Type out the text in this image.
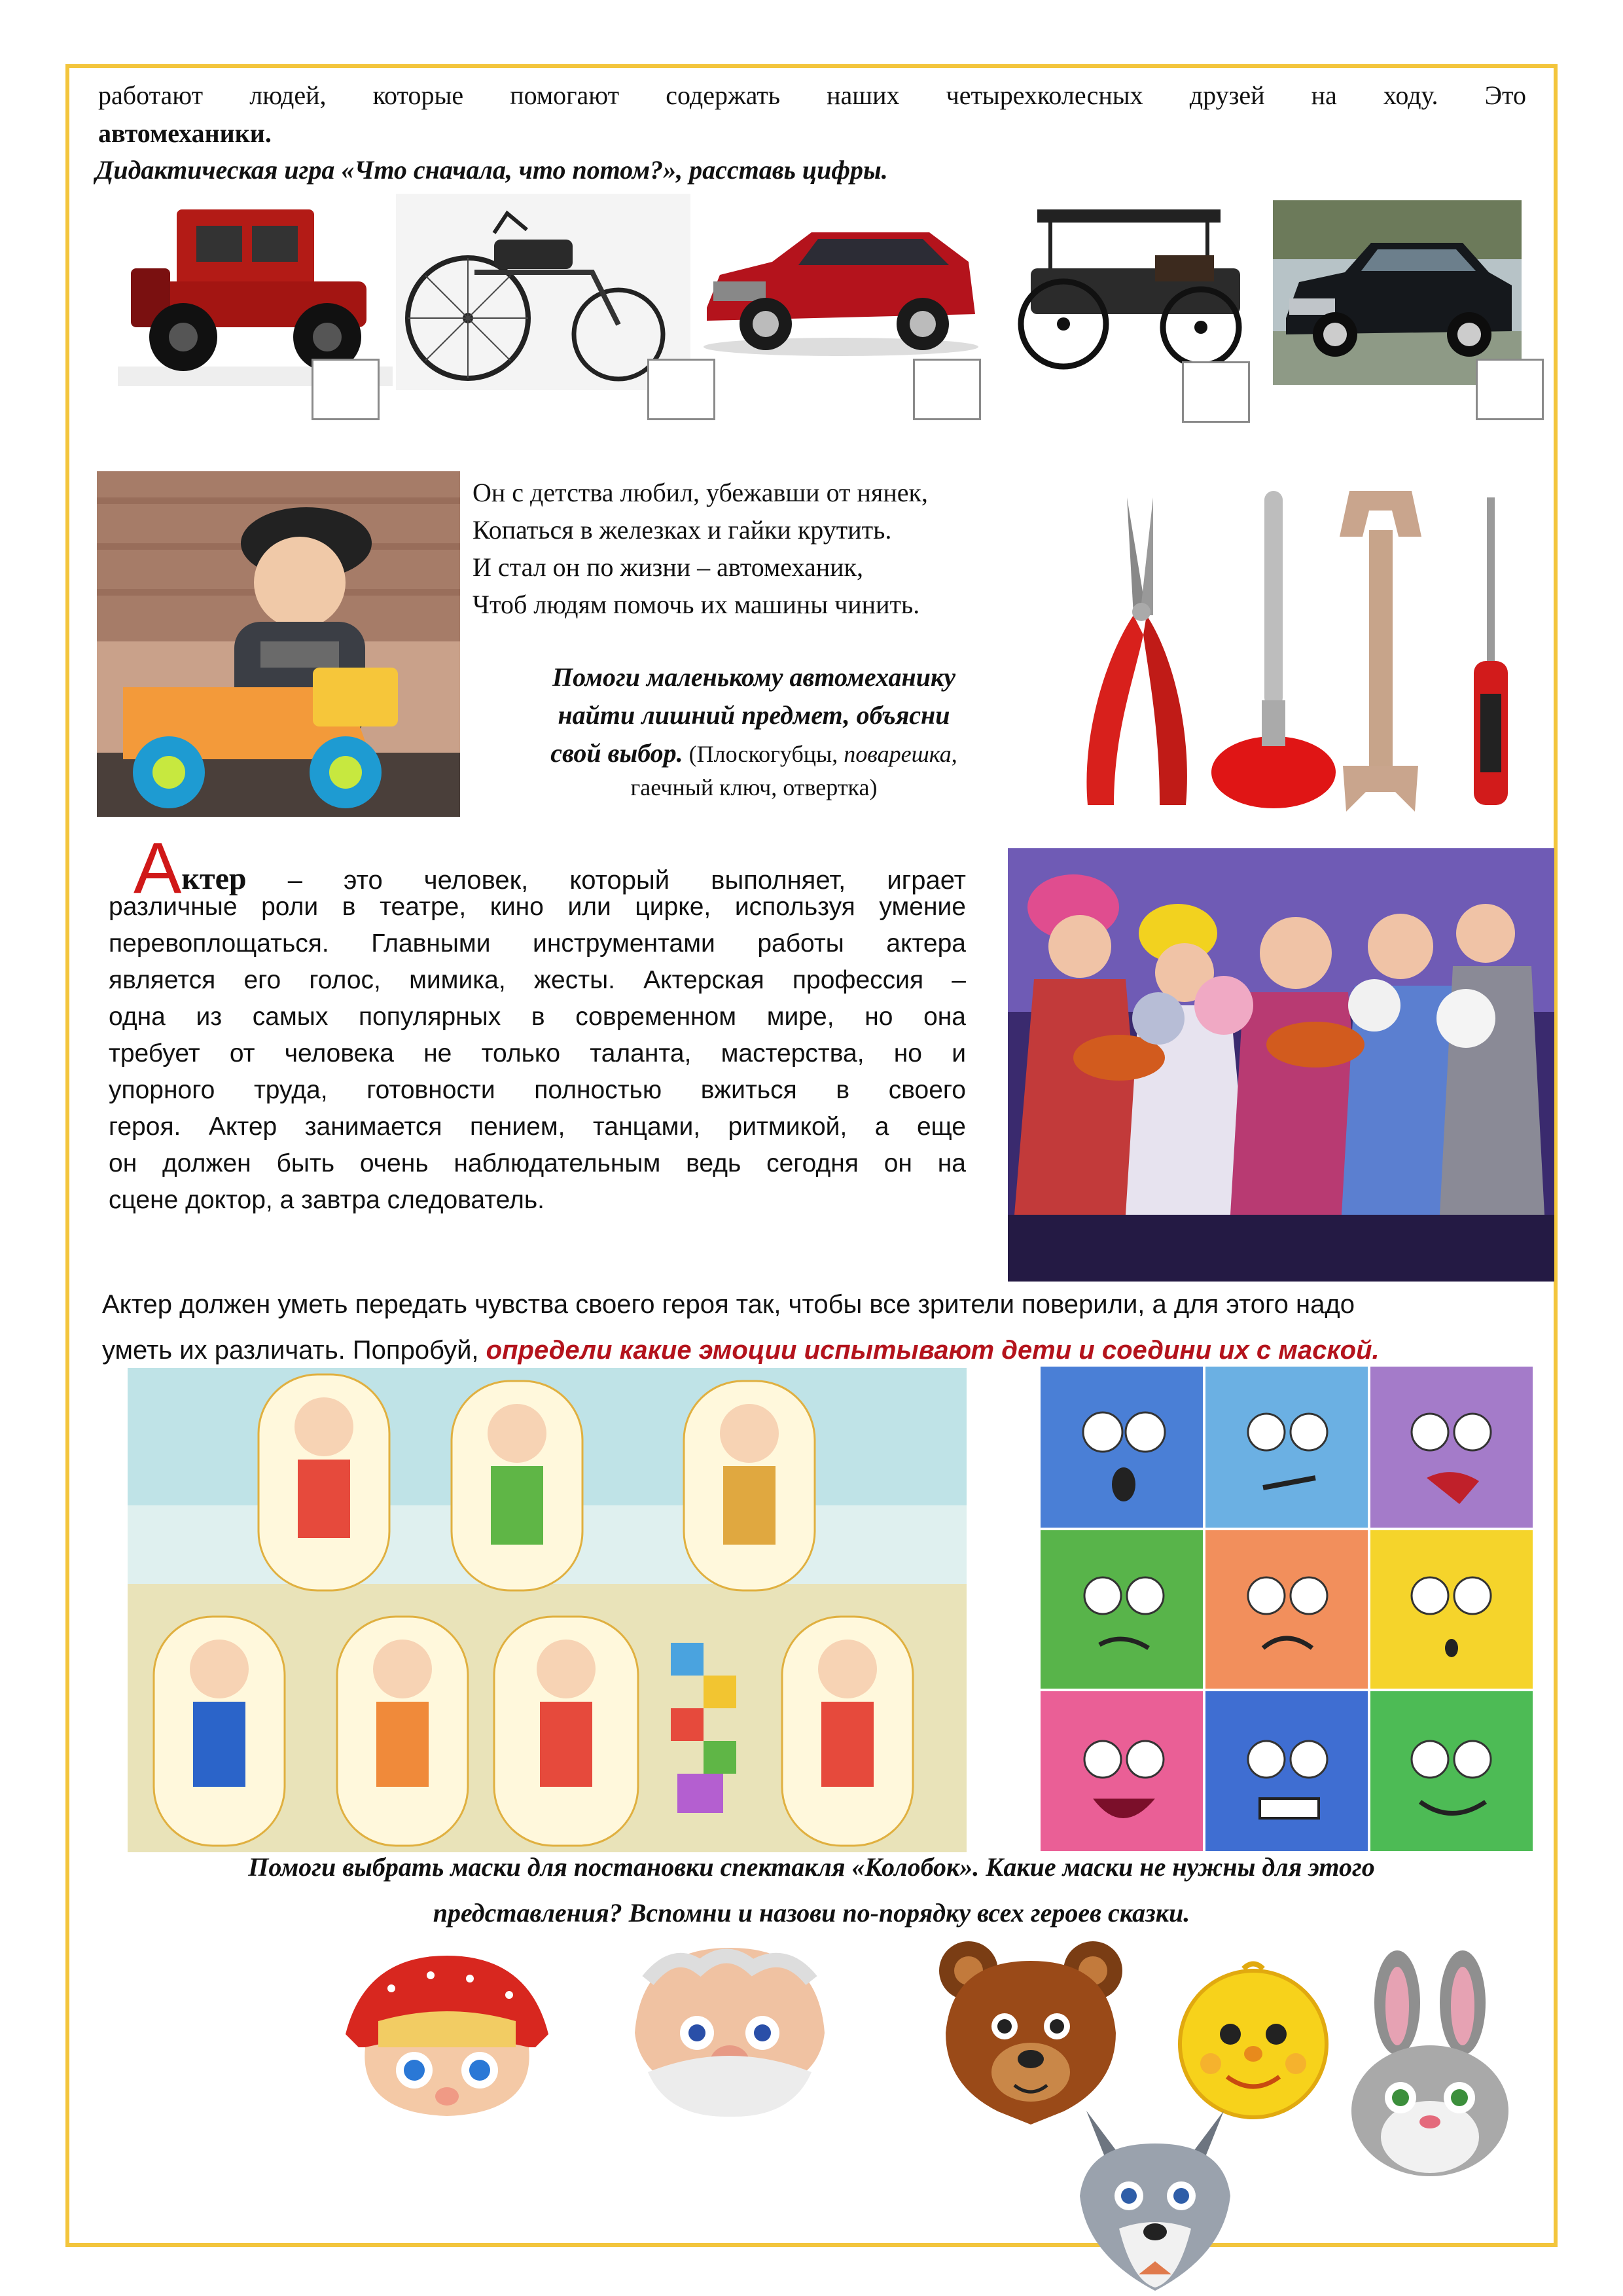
работают людей, которые помогают содержать наших четырехколесных друзей на ходу. Это
автомеханики.
Дидактическая игра «Что сначала, что потом?», расставь цифры.
Он с детства любил, убежавши от нянек,
Копаться в железках и гайки крутить.
И стал он по жизни – автомеханик,
Чтоб людям помочь их машины чинить.
Помоги маленькому автомеханику
найти лишний предмет, объясни
свой выбор. (Плоскогубцы, поварешка,
гаечный ключ, отвертка)
Актер – это человек, который выполняет, играет
различные роли в театре, кино или цирке, используя умение
перевоплощаться. Главными инструментами работы актера
является его голос, мимика, жесты. Актерская профессия –
одна из самых популярных в современном мире, но она
требует от человека не только таланта, мастерства, но и
упорного труда, готовности полностью вжиться в своего
героя. Актер занимается пением, танцами, ритмикой, а еще
он должен быть очень наблюдательным ведь сегодня он на
сцене доктор, а завтра следователь.
Актер должен уметь передать чувства своего героя так, чтобы все зрители поверили, а для этого надо
уметь их различать. Попробуй, определи какие эмоции испытывают дети и соедини их с маской.
Помоги выбрать маски для постановки спектакля «Колобок». Какие маски не нужны для этого
представления? Вспомни и назови по-порядку всех героев сказки.
